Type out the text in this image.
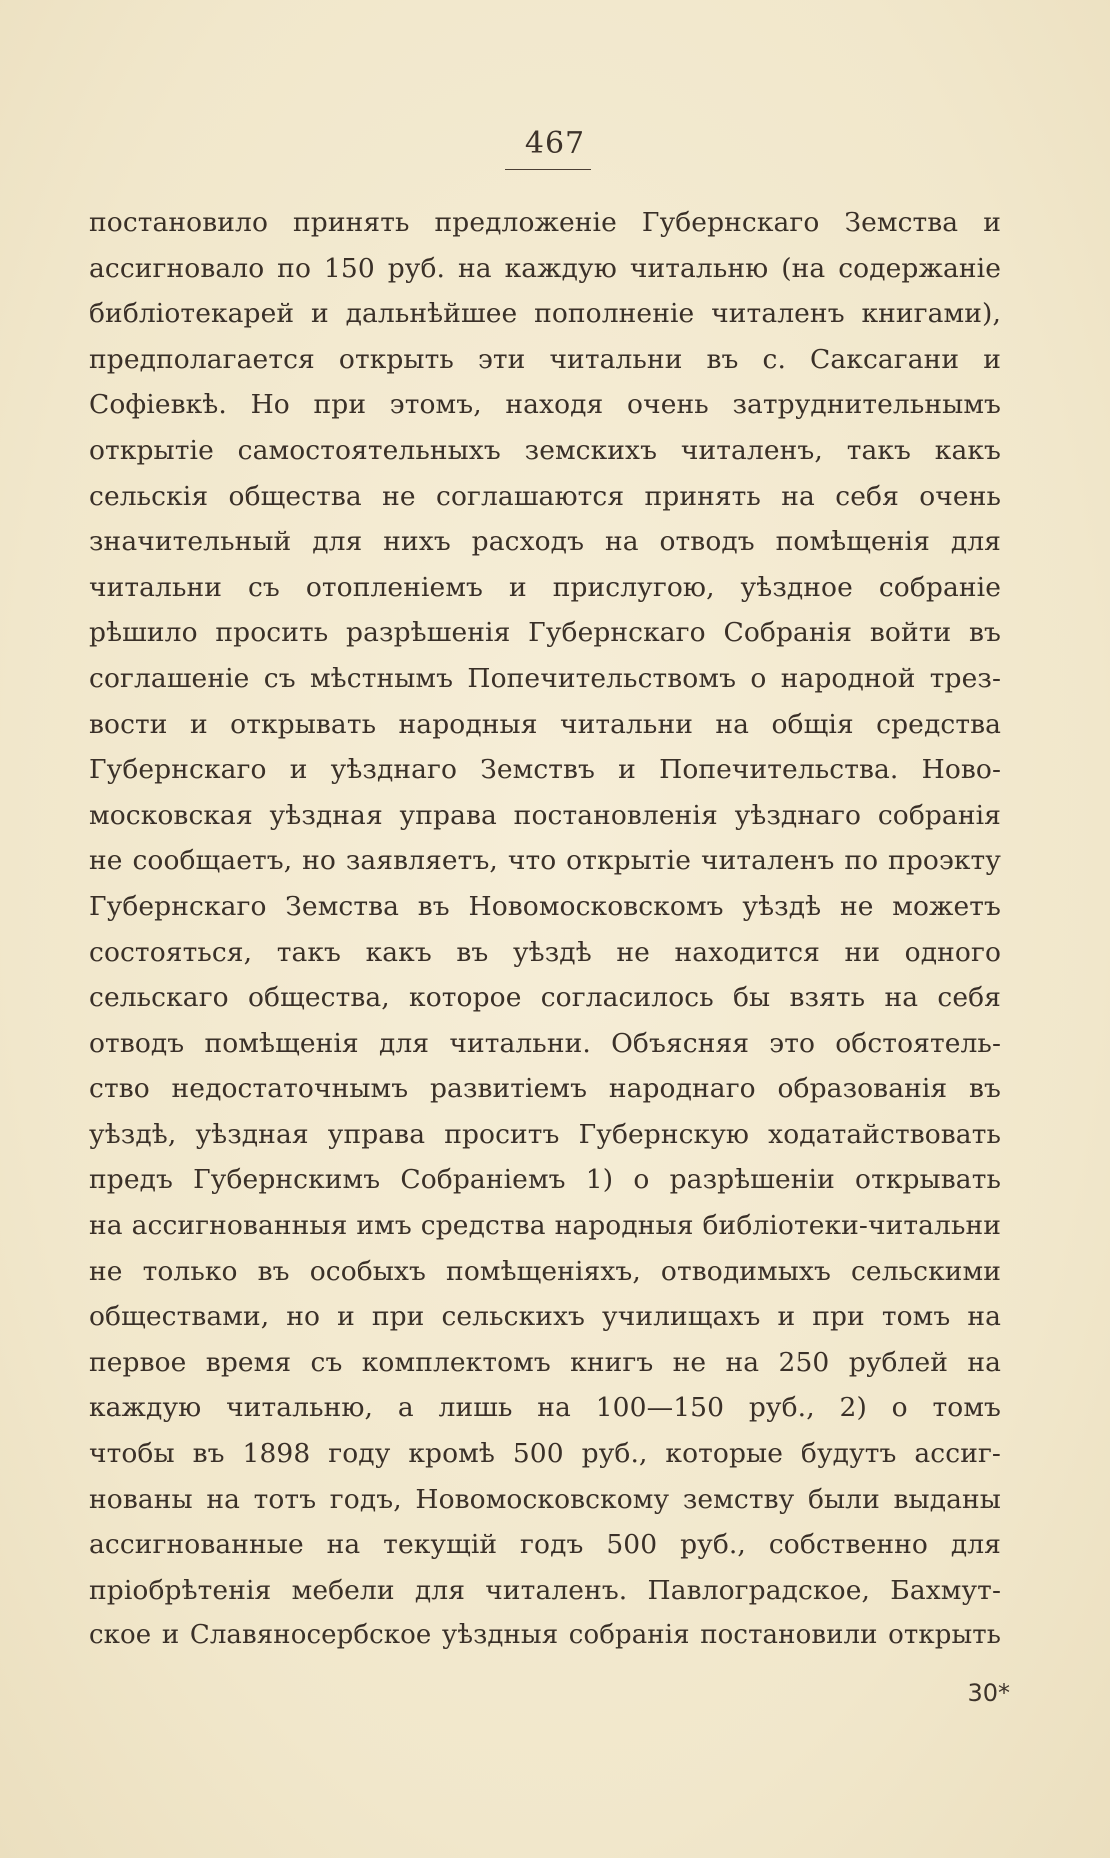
467
постановило принять предложеніе Губернскаго Земства и
ассигновало по 150 руб. на каждую читальню (на содержаніе
библіотекарей и дальнѣйшее пополненіе читаленъ книгами),
предполагается открыть эти читальни въ с. Саксагани и
Софіевкѣ. Но при этомъ, находя очень затруднительнымъ
открытіе самостоятельныхъ земскихъ читаленъ, такъ какъ
сельскія общества не соглашаются принять на себя очень
значительный для нихъ расходъ на отводъ помѣщенія для
читальни съ отопленіемъ и прислугою, уѣздное собраніе
рѣшило просить разрѣшенія Губернскаго Собранія войти въ
соглашеніе съ мѣстнымъ Попечительствомъ о народной трез-
вости и открывать народныя читальни на общія средства
Губернскаго и уѣзднаго Земствъ и Попечительства. Ново-
московская уѣздная управа постановленія уѣзднаго собранія
не сообщаетъ, но заявляетъ, что открытіе читаленъ по проэкту
Губернскаго Земства въ Новомосковскомъ уѣздѣ не можетъ
состояться, такъ какъ въ уѣздѣ не находится ни одного
сельскаго общества, которое согласилось бы взять на себя
отводъ помѣщенія для читальни. Объясняя это обстоятель-
ство недостаточнымъ развитіемъ народнаго образованія въ
уѣздѣ, уѣздная управа проситъ Губернскую ходатайствовать
предъ Губернскимъ Собраніемъ 1) о разрѣшеніи открывать
на ассигнованныя имъ средства народныя библіотеки-читальни
не только въ особыхъ помѣщеніяхъ, отводимыхъ сельскими
обществами, но и при сельскихъ училищахъ и при томъ на
первое время съ комплектомъ книгъ не на 250 рублей на
каждую читальню, а лишь на 100—150 руб., 2) о томъ
чтобы въ 1898 году кромѣ 500 руб., которые будутъ ассиг-
нованы на тотъ годъ, Новомосковскому земству были выданы
ассигнованные на текущій годъ 500 руб., собственно для
пріобрѣтенія мебели для читаленъ. Павлоградское, Бахмут-
ское и Славяносербское уѣздныя собранія постановили открыть
30*
